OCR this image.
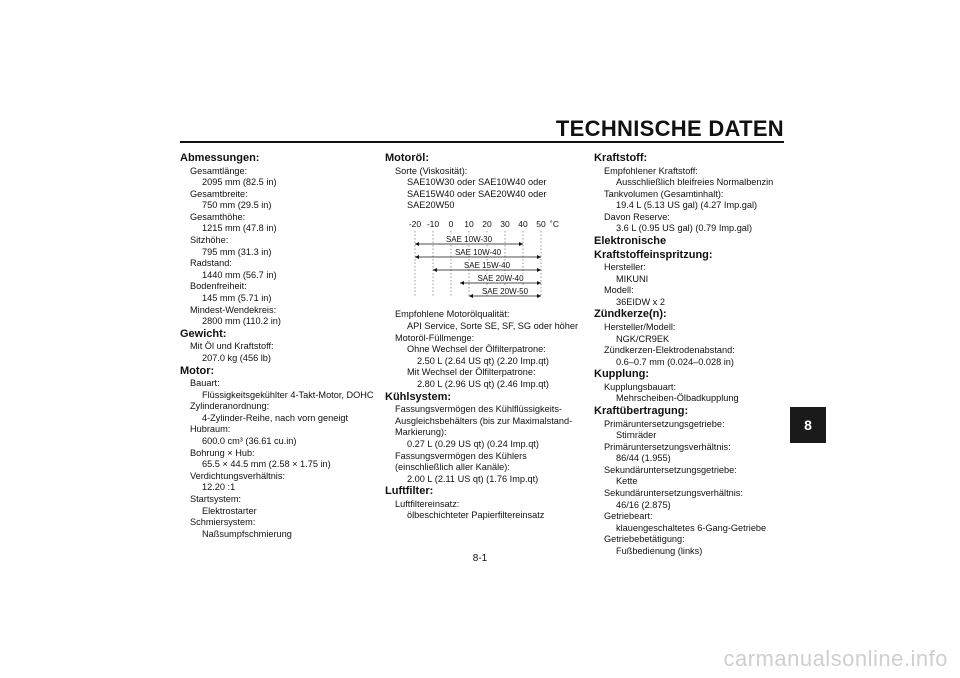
TECHNISCHE DATEN
8
Abmessungen:
Gesamtlänge:
2095 mm (82.5 in)
Gesamtbreite:
750 mm (29.5 in)
Gesamthöhe:
1215 mm (47.8 in)
Sitzhöhe:
795 mm (31.3 in)
Radstand:
1440 mm (56.7 in)
Bodenfreiheit:
145 mm (5.71 in)
Mindest-Wendekreis:
2800 mm (110.2 in)
Gewicht:
Mit Öl und Kraftstoff:
207.0 kg (456 lb)
Motor:
Bauart:
Flüssigkeitsgekühlter 4-Takt-Motor, DOHC
Zylinderanordnung:
4-Zylinder-Reihe, nach vorn geneigt
Hubraum:
600.0 cm³ (36.61 cu.in)
Bohrung × Hub:
65.5 × 44.5 mm (2.58 × 1.75 in)
Verdichtungsverhältnis:
12.20 :1
Startsystem:
Elektrostarter
Schmiersystem:
Naßsumpfschmierung
Motoröl:
Sorte (Viskosität):
SAE10W30 oder SAE10W40 oder
SAE15W40 oder SAE20W40 oder
SAE20W50
-20 -10 0 10 20 30 40 50 ˚C
SAE 10W-30
SAE 10W-40
SAE 15W-40
SAE 20W-40
SAE 20W-50
Empfohlene Motorölqualität:
API Service, Sorte SE, SF, SG oder höher
Motoröl-Füllmenge:
Ohne Wechsel der Ölfilterpatrone:
2.50 L (2.64 US qt) (2.20 Imp.qt)
Mit Wechsel der Ölfilterpatrone:
2.80 L (2.96 US qt) (2.46 Imp.qt)
Kühlsystem:
Fassungsvermögen des Kühlflüssigkeits-
Ausgleichsbehälters (bis zur Maximalstand-
Markierung):
0.27 L (0.29 US qt) (0.24 Imp.qt)
Fassungsvermögen des Kühlers
(einschließlich aller Kanäle):
2.00 L (2.11 US qt) (1.76 Imp.qt)
Luftfilter:
Luftfiltereinsatz:
ölbeschichteter Papierfiltereinsatz
Kraftstoff:
Empfohlener Kraftstoff:
Ausschließlich bleifreies Normalbenzin
Tankvolumen (Gesamtinhalt):
19.4 L (5.13 US gal) (4.27 Imp.gal)
Davon Reserve:
3.6 L (0.95 US gal) (0.79 Imp.gal)
Elektronische Kraftstoffeinspritzung:
Hersteller:
MIKUNI
Modell:
36EIDW x 2
Zündkerze(n):
Hersteller/Modell:
NGK/CR9EK
Zündkerzen-Elektrodenabstand:
0.6–0.7 mm (0.024–0.028 in)
Kupplung:
Kupplungsbauart:
Mehrscheiben-Ölbadkupplung
Kraftübertragung:
Primäruntersetzungsgetriebe:
Stirnräder
Primäruntersetzungsverhältnis:
86/44 (1.955)
Sekundäruntersetzungsgetriebe:
Kette
Sekundäruntersetzungsverhältnis:
46/16 (2.875)
Getriebeart:
klauengeschaltetes 6-Gang-Getriebe
Getriebebetätigung:
Fußbedienung (links)
8-1
carmanualsonline.info
